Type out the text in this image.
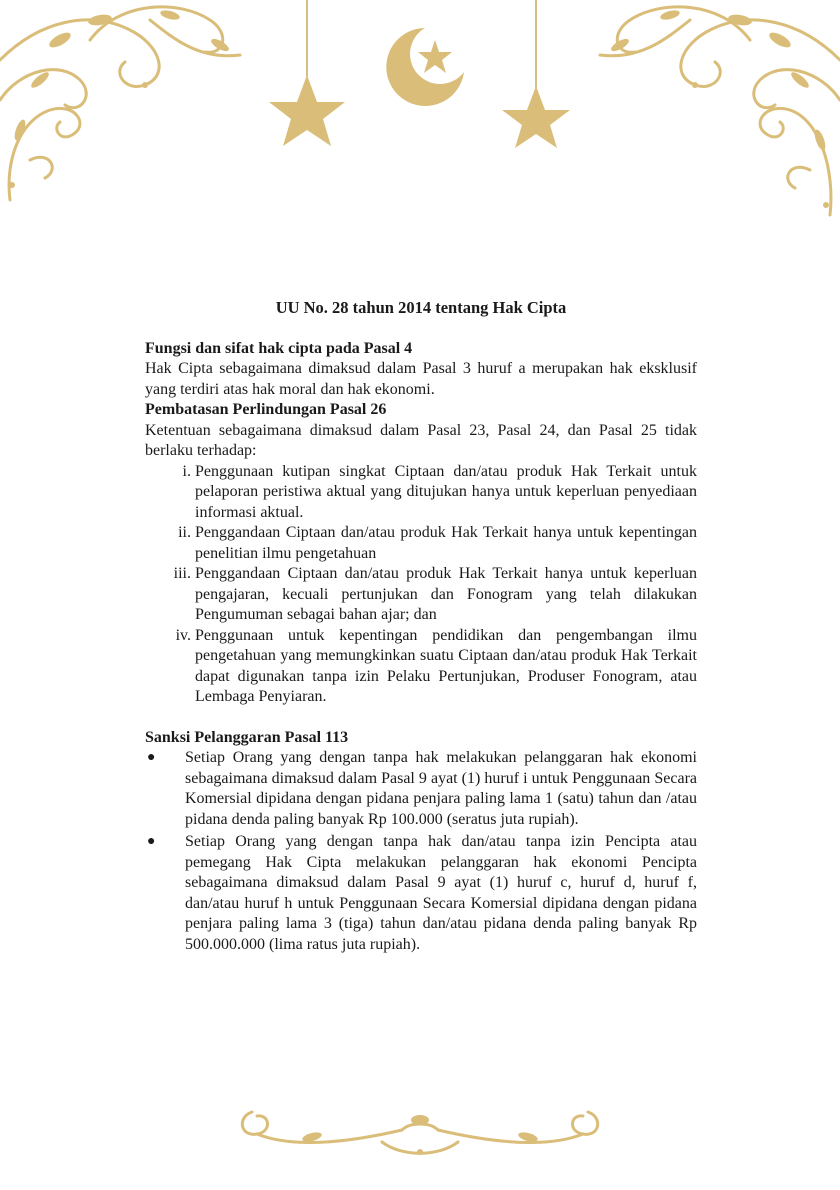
UU No. 28 tahun 2014 tentang Hak Cipta

Fungsi dan sifat hak cipta pada Pasal 4

Hak Cipta sebagaimana dimaksud dalam Pasal 3 huruf a merupakan hak eksklusif yang terdiri atas hak moral dan hak ekonomi.

Pembatasan Perlindungan Pasal 26

Ketentuan sebagaimana dimaksud dalam Pasal 23, Pasal 24, dan Pasal 25 tidak berlaku terhadap:

i. Penggunaan kutipan singkat Ciptaan dan/atau produk Hak Terkait untuk pelaporan peristiwa aktual yang ditujukan hanya untuk keperluan penyediaan informasi aktual.
ii. Penggandaan Ciptaan dan/atau produk Hak Terkait hanya untuk kepentingan penelitian ilmu pengetahuan
iii. Penggandaan Ciptaan dan/atau produk Hak Terkait hanya untuk keperluan pengajaran, kecuali pertunjukan dan Fonogram yang telah dilakukan Pengumuman sebagai bahan ajar; dan
iv. Penggunaan untuk kepentingan pendidikan dan pengembangan ilmu pengetahuan yang memungkinkan suatu Ciptaan dan/atau produk Hak Terkait dapat digunakan tanpa izin Pelaku Pertunjukan, Produser Fonogram, atau Lembaga Penyiaran.

Sanksi Pelanggaran Pasal 113

●	Setiap Orang yang dengan tanpa hak melakukan pelanggaran hak ekonomi sebagaimana dimaksud dalam Pasal 9 ayat (1) huruf i untuk Penggunaan Secara Komersial dipidana dengan pidana penjara paling lama 1 (satu) tahun dan /atau pidana denda paling banyak Rp 100.000 (seratus juta rupiah).
●	Setiap Orang yang dengan tanpa hak dan/atau tanpa izin Pencipta atau pemegang Hak Cipta melakukan pelanggaran hak ekonomi Pencipta sebagaimana dimaksud dalam Pasal 9 ayat (1) huruf c, huruf d, huruf f, dan/atau huruf h untuk Penggunaan Secara Komersial dipidana dengan pidana penjara paling lama 3 (tiga) tahun dan/atau pidana denda paling banyak Rp 500.000.000 (lima ratus juta rupiah).
